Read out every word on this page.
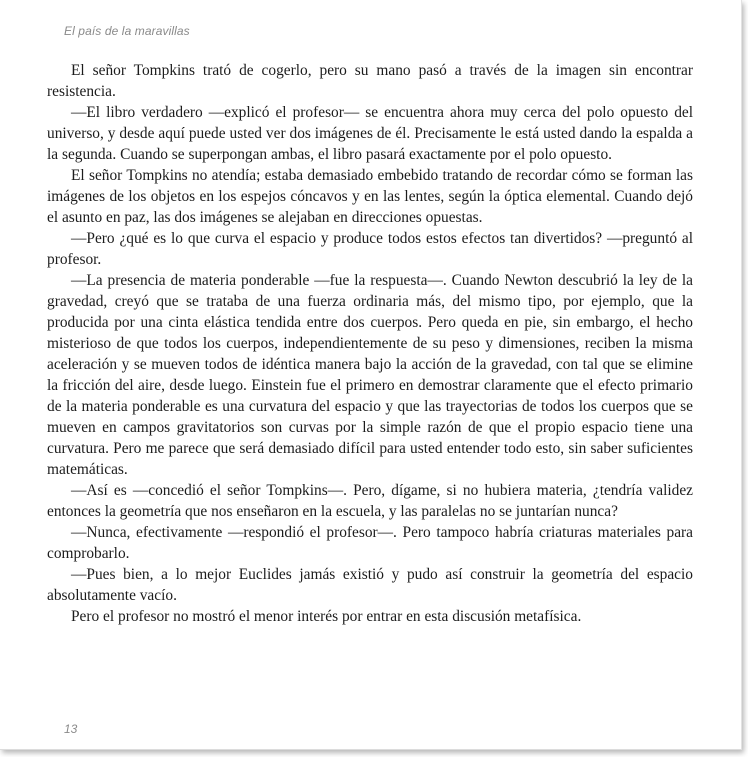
El país de la maravillas

El señor Tompkins trató de cogerlo, pero su mano pasó a través de la imagen sin encontrar resistencia.

—El libro verdadero —explicó el profesor— se encuentra ahora muy cerca del polo opuesto del universo, y desde aquí puede usted ver dos imágenes de él. Precisamente le está usted dando la espalda a la segunda. Cuando se superpongan ambas, el libro pasará exactamente por el polo opuesto.

El señor Tompkins no atendía; estaba demasiado embebido tratando de recordar cómo se forman las imágenes de los objetos en los espejos cóncavos y en las lentes, según la óptica elemental. Cuando dejó el asunto en paz, las dos imágenes se alejaban en direcciones opuestas.

—Pero ¿qué es lo que curva el espacio y produce todos estos efectos tan divertidos? —preguntó al profesor.

—La presencia de materia ponderable —fue la respuesta—. Cuando Newton descubrió la ley de la gravedad, creyó que se trataba de una fuerza ordinaria más, del mismo tipo, por ejemplo, que la producida por una cinta elástica tendida entre dos cuerpos. Pero queda en pie, sin embargo, el hecho misterioso de que todos los cuerpos, independientemente de su peso y dimensiones, reciben la misma aceleración y se mueven todos de idéntica manera bajo la acción de la gravedad, con tal que se elimine la fricción del aire, desde luego. Einstein fue el primero en demostrar claramente que el efecto primario de la materia ponderable es una curvatura del espacio y que las trayectorias de todos los cuerpos que se mueven en campos gravitatorios son curvas por la simple razón de que el propio espacio tiene una curvatura. Pero me parece que será demasiado difícil para usted entender todo esto, sin saber suficientes matemáticas.

—Así es —concedió el señor Tompkins—. Pero, dígame, si no hubiera materia, ¿tendría validez entonces la geometría que nos enseñaron en la escuela, y las paralelas no se juntarían nunca?

—Nunca, efectivamente —respondió el profesor—. Pero tampoco habría criaturas materiales para comprobarlo.

—Pues bien, a lo mejor Euclides jamás existió y pudo así construir la geometría del espacio absolutamente vacío.

Pero el profesor no mostró el menor interés por entrar en esta discusión metafísica.

13
